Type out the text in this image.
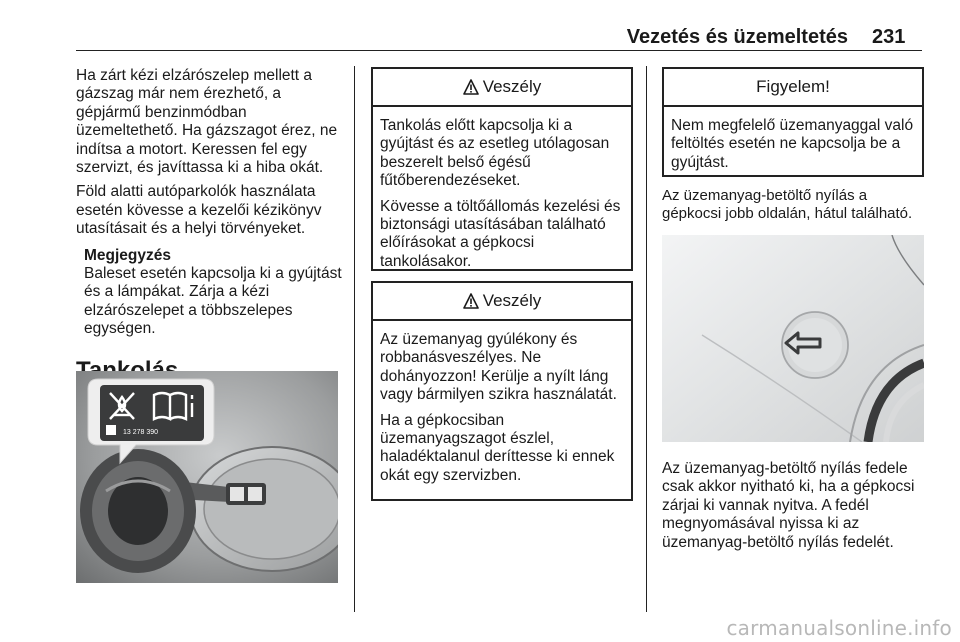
Vezetés és üzemeltetés 231

Ha zárt kézi elzárószelep mellett a gázszag már nem érezhető, a gépjármű benzinmódban üzemeltethető. Ha gázszagot érez, ne indítsa a motort. Keressen fel egy szervizt, és javíttassa ki a hiba okát.

Föld alatti autóparkolók használata esetén kövesse a kezelői kézikönyv utasításait és a helyi törvényeket.

Megjegyzés
Baleset esetén kapcsolja ki a gyújtást és a lámpákat. Zárja a kézi elzárószelepet a többszelepes egységen.
13 278 390
Veszély

Tankolás előtt kapcsolja ki a gyújtást és az esetleg utólagosan beszerelt belső égésű fűtőberendezéseket.

Kövesse a töltőállomás kezelési és biztonsági utasításában található előírásokat a gépkocsi tankolásakor.

Veszély

Az üzemanyag gyúlékony és robbanásveszélyes. Ne dohányozzon! Kerülje a nyílt láng vagy bármilyen szikra használatát.

Ha a gépkocsiban üzemanyagszagot észlel, haladéktalanul deríttesse ki ennek okát egy szervizben.

Figyelem!

Nem megfelelő üzemanyaggal való feltöltés esetén ne kapcsolja be a gyújtást.

Az üzemanyag-betöltő nyílás a gépkocsi jobb oldalán, hátul található.

Az üzemanyag-betöltő nyílás fedele csak akkor nyitható ki, ha a gépkocsi zárjai ki vannak nyitva. A fedél megnyomásával nyissa ki az üzemanyag-betöltő nyílás fedelét.

carmanualsonline.info
